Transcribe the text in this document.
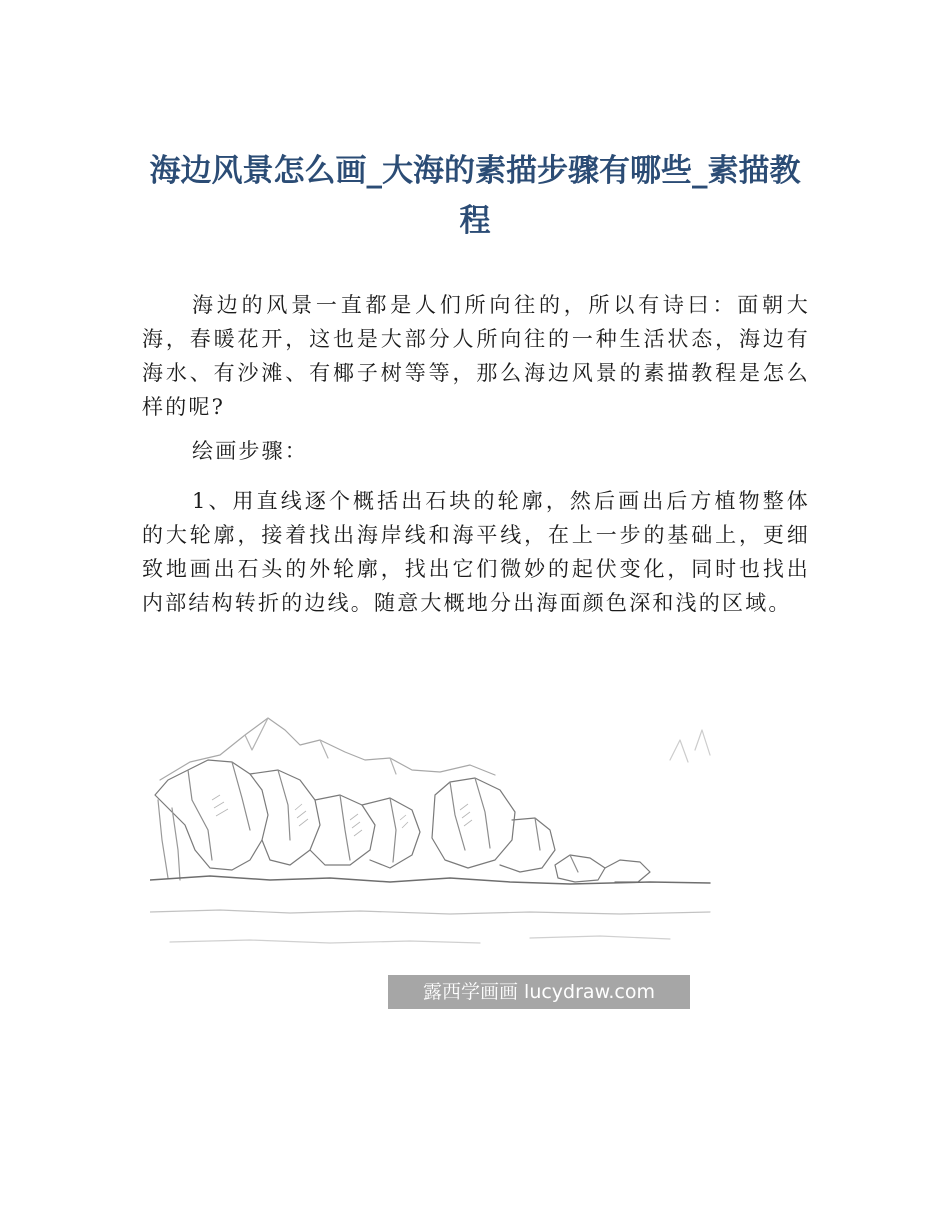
海边风景怎么画_大海的素描步骤有哪些_素描教程

海边的风景一直都是人们所向往的，所以有诗曰：面朝大海，春暖花开，这也是大部分人所向往的一种生活状态，海边有海水、有沙滩、有椰子树等等，那么海边风景的素描教程是怎么样的呢?

绘画步骤：

1、用直线逐个概括出石块的轮廓，然后画出后方植物整体的大轮廓，接着找出海岸线和海平线，在上一步的基础上，更细致地画出石头的外轮廓，找出它们微妙的起伏变化，同时也找出内部结构转折的边线。随意大概地分出海面颜色深和浅的区域。

露西学画画 lucydraw.com
